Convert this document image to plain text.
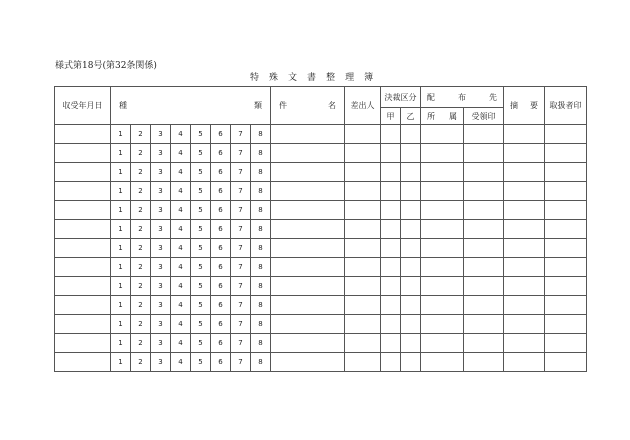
様式第18号(第32条関係)
特 殊 文 書 整 理 簿
収受年月日	種 類								件 名	差出人	決裁区分		配 布 先		摘 要	取扱者印
											甲	乙	所 属	受領印		
	1	2	3	4	5	6	7	8								
	1	2	3	4	5	6	7	8								
	1	2	3	4	5	6	7	8								
	1	2	3	4	5	6	7	8								
	1	2	3	4	5	6	7	8								
	1	2	3	4	5	6	7	8								
	1	2	3	4	5	6	7	8								
	1	2	3	4	5	6	7	8								
	1	2	3	4	5	6	7	8								
	1	2	3	4	5	6	7	8								
	1	2	3	4	5	6	7	8								
	1	2	3	4	5	6	7	8								
	1	2	3	4	5	6	7	8								
